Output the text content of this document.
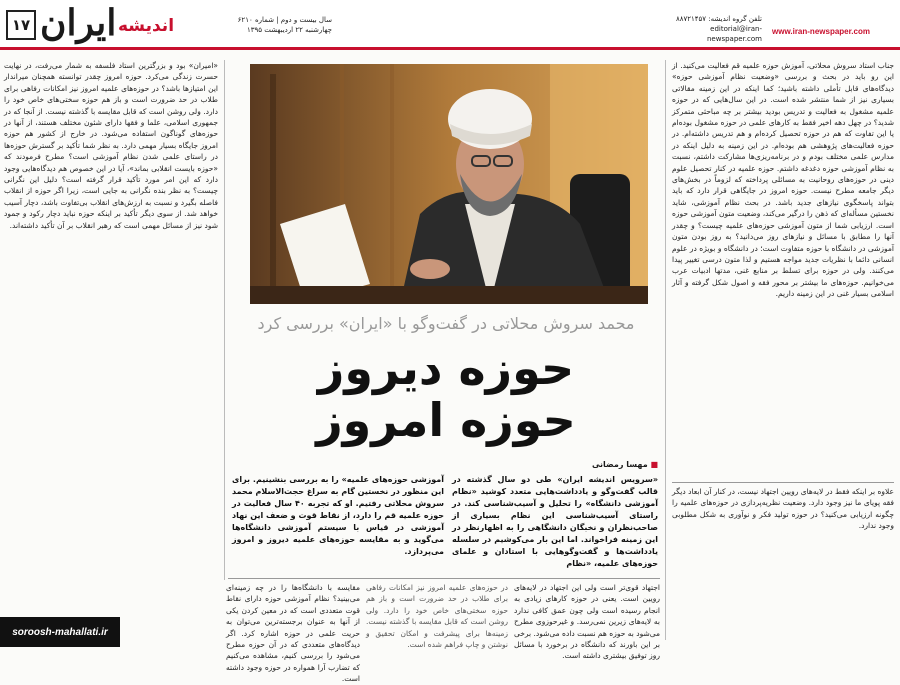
۱۷ ایران اندیشه	سال بیست و دوم | شماره ۶۲۱۰
چهارشنبه ۲۲ اردیبهشت ۱۳۹۵
تلفن گروه اندیشه: ۸۸۷۲۱۴۵۷
editorial@iran-newspaper.com
www.iran-newspaper.com
جناب استاد سروش محلاتی، آموزش حوزه علمیه قم فعالیت می‌کنید. از این رو باید در بحث و بررسی «وضعیت نظام آموزشی حوزه» دیدگاه‌های قابل تأملی داشته باشید؛ کما اینکه در این زمینه مقالاتی بسیاری نیز از شما منتشر شده است. در این سال‌هایی که در حوزه علمیه مشغول به فعالیت و تدریس بودید بیشتر بر چه مباحثی متمرکز شدید؟ در چهل دهه اخیر فقط به کارهای علمی در حوزه مشغول بوده‌ام یا این تفاوت که هم در حوزه تحصیل کرده‌ام و هم تدریس داشته‌ام. در حوزه فعالیت‌های پژوهشی هم بوده‌ام. در این زمینه به دلیل اینکه در مدارس علمی مختلف بودم و در برنامه‌ریزی‌ها مشارکت داشتم، نسبت به نظام آموزشی حوزه دغدغه داشتم. حوزه علمیه در کنار تحصیل علوم دینی در حوزه‌های روحانیت به مسائلی پرداخته که لزوماً در بخش‌های دیگر جامعه مطرح نیست. حوزه امروز در جایگاهی قرار دارد که باید بتواند پاسخگوی نیازهای جدید باشد. در بحث نظام آموزشی، شاید نخستین مسأله‌ای که ذهن را درگیر می‌کند، وضعیت متون آموزشی حوزه است. ارزیابی شما از متون آموزشی حوزه‌های علمیه چیست؟ و چقدر آنها را مطابق با مسائل و نیازهای روز می‌دانید؟ به روز بودن متون آموزشی در دانشگاه با حوزه متفاوت است؛ در دانشگاه و بویژه در علوم انسانی دائما با نظریات جدید مواجه هستیم و لذا متون درسی تغییر پیدا می‌کنند. ولی در حوزه برای تسلط بر منابع غنی، مدتها ادبیات عرب می‌خوانیم. حوزه‌های ما بیشتر بر محور فقه و اصول شکل گرفته و آثار اسلامی بسیار غنی در این زمینه داریم.
علاوه بر اینکه فقط در لایه‌های رویین اجتهاد نیست، در کنار آن ابعاد دیگر فقه پویای ما نیز وجود دارد. وضعیت نظریه‌پردازی در حوزه‌های علمیه را چگونه ارزیابی می‌کنید؟ در حوزه تولید فکر و نوآوری به شکل مطلوبی وجود ندارد.
«امیران» بود و بزرگترین استاد فلسفه به شمار می‌رفت، در نهایت حسرت زندگی می‌کرد. حوزه امروز چقدر توانسته همچنان میراندار این امتیازها باشد؟ در حوزه‌های علمیه امروز نیز امکانات رفاهی برای طلاب در حد ضرورت است و باز هم حوزه سختی‌های خاص خود را دارد. ولی روشن است که قابل مقایسه با گذشته نیست. از آنجا که در جمهوری اسلامی، علما و فقها دارای شئون مختلف هستند، از آنها در حوزه‌های گوناگون استفاده می‌شود. در خارج از کشور هم حوزه امروز جایگاه بسیار مهمی دارد. به نظر شما تأکید بر گسترش حوزه‌ها در راستای علمی شدن نظام آموزشی است؟ مطرح فرمودند که «حوزه بایست انقلابی بماند»، آیا در این خصوص هم دیدگاه‌هایی وجود دارد که این امر مورد تأکید قرار گرفته است؟ دلیل این نگرانی چیست؟ به نظر بنده نگرانی به جایی است، زیرا اگر حوزه از انقلاب فاصله بگیرد و نسبت به ارزش‌های انقلاب بی‌تفاوت باشد، دچار آسیب خواهد شد. از سوی دیگر تأکید بر اینکه حوزه نباید دچار رکود و جمود شود نیز از مسائل مهمی است که رهبر انقلاب بر آن تأکید داشته‌اند.
محمد سروش محلاتی در گفت‌وگو با «ایران» بررسی کرد
حوزه دیروز
حوزه امروز
■ مهسا رمضانی
«سرویس اندیشه ایران» طی دو سال گذشته در قالب گفت‌وگو و یادداشت‌هایی متعدد کوشید «نظام آموزشی دانشگاه» را تحلیل و آسیب‌شناسی کند. در راستای آسیب‌شناسی این نظام بسیاری از صاحب‌نظران و نخبگان دانشگاهی را به اظهارنظر در این زمینه فراخواند. اما این بار می‌کوشیم در سلسله یادداشت‌ها و گفت‌وگوهایی با استادان و علمای حوزه‌های علمیه، «نظام
آموزشی حوزه‌های علمیه» را به بررسی بنشینیم. برای این منظور در نخستین گام به سراغ حجت‌الاسلام محمد سروش محلاتی رفتیم. او که تجربه ۴۰ سال فعالیت در حوزه علمیه قم را دارد، از نقاط قوت و ضعف این نهاد آموزشی در قیاس با سیستم آموزشی دانشگاه‌ها می‌گوید و به مقایسه حوزه‌های علمیه دیروز و امروز می‌پردازد.
اجتهاد قوی‌تر است ولی این اجتهاد در لایه‌های رویین است. یعنی در حوزه کارهای زیادی به انجام رسیده است ولی چون عمق کافی ندارد به لایه‌های زیرین نمی‌رسد. و غیرحوزوی مطرح می‌شود به حوزه هم نسبت داده می‌شود. برخی بر این باورند که دانشگاه در برخورد با مسائل روز توفیق بیشتری داشته است.
در حوزه‌های علمیه امروز نیز امکانات رفاهی برای طلاب در حد ضرورت است و باز هم حوزه سختی‌های خاص خود را دارد. ولی روشن است که قابل مقایسه با گذشته نیست. زمینه‌ها برای پیشرفت و امکان تحقیق و نوشتن و چاپ فراهم شده است.
مقایسه با دانشگاه‌ها را در چه زمینه‌ای می‌بینید؟ نظام آموزشی حوزه دارای نقاط قوت متعددی است که در معین کردن یکی از آنها به عنوان برجسته‌ترین می‌توان به حریت علمی در حوزه اشاره کرد. اگر دیدگاه‌های متعددی که در آن حوزه مطرح می‌شود را بررسی کنیم، مشاهده می‌کنیم که تضارب آرا همواره در حوزه وجود داشته است.
soroosh-mahallati.ir
